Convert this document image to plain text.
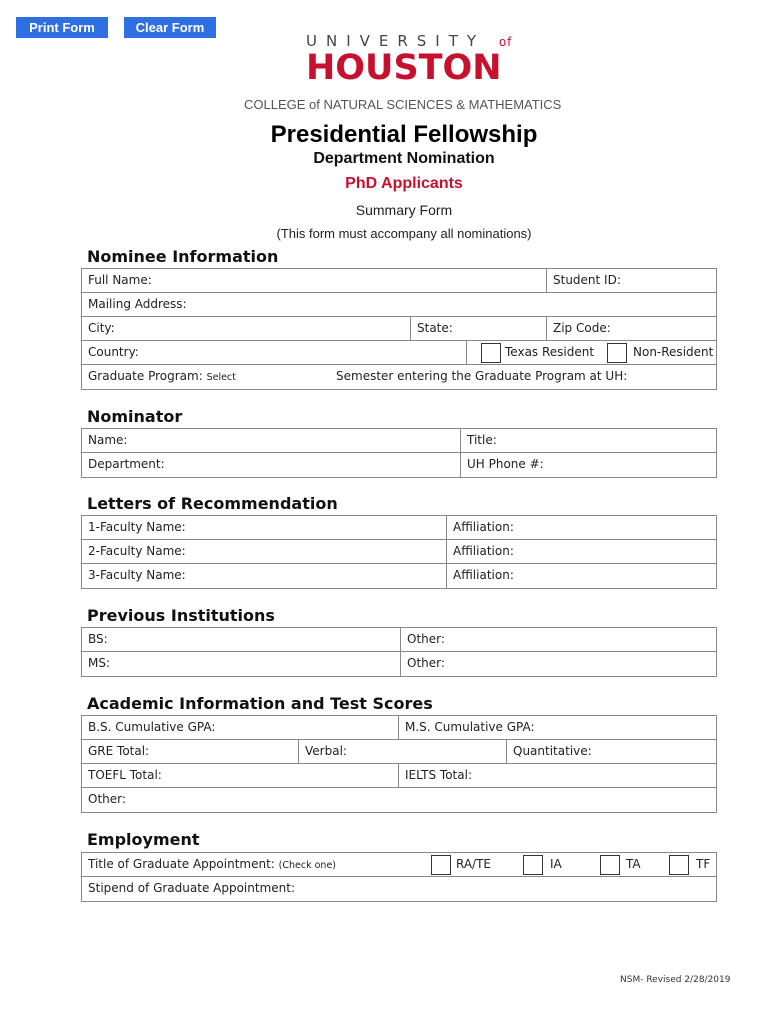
Print Form	Clear Form
UNIVERSITY of
HOUSTON
COLLEGE of NATURAL SCIENCES & MATHEMATICS
Presidential Fellowship
Department Nomination
PhD Applicants
Summary Form
(This form must accompany all nominations)
Nominee Information
Full Name:	Student ID:
Mailing Address:
City:	State:	Zip Code:
Country:	Texas Resident	Non-Resident
Graduate Program: Select	Semester entering the Graduate Program at UH:
Nominator
Name:	Title:
Department:	UH Phone #:
Letters of Recommendation
1-Faculty Name:	Affiliation:
2-Faculty Name:	Affiliation:
3-Faculty Name:	Affiliation:
Previous Institutions
BS:	Other:
MS:	Other:
Academic Information and Test Scores
B.S. Cumulative GPA:	M.S. Cumulative GPA:
GRE Total:	Verbal:	Quantitative:
TOEFL Total:	IELTS Total:
Other:
Employment
Title of Graduate Appointment: (Check one)	RA/TE	IA	TA	TF
Stipend of Graduate Appointment:
NSM- Revised 2/28/2019
